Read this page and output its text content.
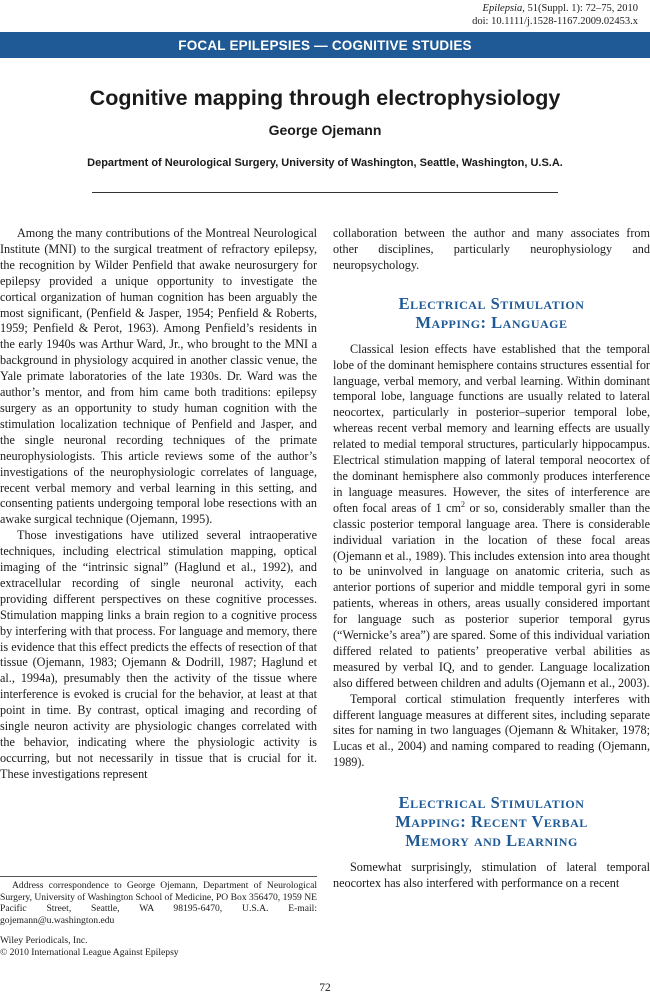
Epilepsia, 51(Suppl. 1): 72–75, 2010
doi: 10.1111/j.1528-1167.2009.02453.x
FOCAL EPILEPSIES — COGNITIVE STUDIES
Cognitive mapping through electrophysiology
George Ojemann
Department of Neurological Surgery, University of Washington, Seattle, Washington, U.S.A.

Among the many contributions of the Montreal Neurological Institute (MNI) to the surgical treatment of refractory epilepsy, the recognition by Wilder Penfield that awake neurosurgery for epilepsy provided a unique opportunity to investigate the cortical organization of human cognition has been arguably the most significant, (Penfield & Jasper, 1954; Penfield & Roberts, 1959; Penfield & Perot, 1963). Among Penfield’s residents in the early 1940s was Arthur Ward, Jr., who brought to the MNI a background in physiology acquired in another classic venue, the Yale primate laboratories of the late 1930s. Dr. Ward was the author’s mentor, and from him came both traditions: epilepsy surgery as an opportunity to study human cognition with the stimulation localization technique of Penfield and Jasper, and the single neuronal recording techniques of the primate neurophysiologists. This article reviews some of the author’s investigations of the neurophysiologic correlates of language, recent verbal memory and verbal learning in this setting, and consenting patients undergoing temporal lobe resections with an awake surgical technique (Ojemann, 1995).

Those investigations have utilized several intraoperative techniques, including electrical stimulation mapping, optical imaging of the “intrinsic signal” (Haglund et al., 1992), and extracellular recording of single neuronal activity, each providing different perspectives on these cognitive processes. Stimulation mapping links a brain region to a cognitive process by interfering with that process. For language and memory, there is evidence that this effect predicts the effects of resection of that tissue (Ojemann, 1983; Ojemann & Dodrill, 1987; Haglund et al., 1994a), presumably then the activity of the tissue where interference is evoked is crucial for the behavior, at least at that point in time. By contrast, optical imaging and recording of single neuron activity are physiologic changes correlated with the behavior, indicating where the physiologic activity is occurring, but not necessarily in tissue that is crucial for it. These investigations represent

collaboration between the author and many associates from other disciplines, particularly neurophysiology and neuropsychology.

Electrical Stimulation
Mapping: Language

Classical lesion effects have established that the temporal lobe of the dominant hemisphere contains structures essential for language, verbal memory, and verbal learning. Within dominant temporal lobe, language functions are usually related to lateral neocortex, particularly in posterior–superior temporal lobe, whereas recent verbal memory and learning effects are usually related to medial temporal structures, particularly hippocampus. Electrical stimulation mapping of lateral temporal neocortex of the dominant hemisphere also commonly produces interference in language measures. However, the sites of interference are often focal areas of 1 $cm^2$ or so, considerably smaller than the classic posterior temporal language area. There is considerable individual variation in the location of these focal areas (Ojemann et al., 1989). This includes extension into area thought to be uninvolved in language on anatomic criteria, such as anterior portions of superior and middle temporal gyri in some patients, whereas in others, areas usually considered important for language such as posterior superior temporal gyrus (“Wernicke’s area”) are spared. Some of this individual variation differed related to patients’ preoperative verbal abilities as measured by verbal IQ, and to gender. Language localization also differed between children and adults (Ojemann et al., 2003).

Temporal cortical stimulation frequently interferes with different language measures at different sites, including separate sites for naming in two languages (Ojemann & Whitaker, 1978; Lucas et al., 2004) and naming compared to reading (Ojemann, 1989).

Electrical Stimulation
Mapping: Recent Verbal
Memory and Learning

Somewhat surprisingly, stimulation of lateral temporal neocortex has also interfered with performance on a recent

Address correspondence to George Ojemann, Department of Neurological Surgery, University of Washington School of Medicine, PO Box 356470, 1959 NE Pacific Street, Seattle, WA 98195-6470, U.S.A. E-mail: gojemann@u.washington.edu

Wiley Periodicals, Inc.
© 2010 International League Against Epilepsy
72
